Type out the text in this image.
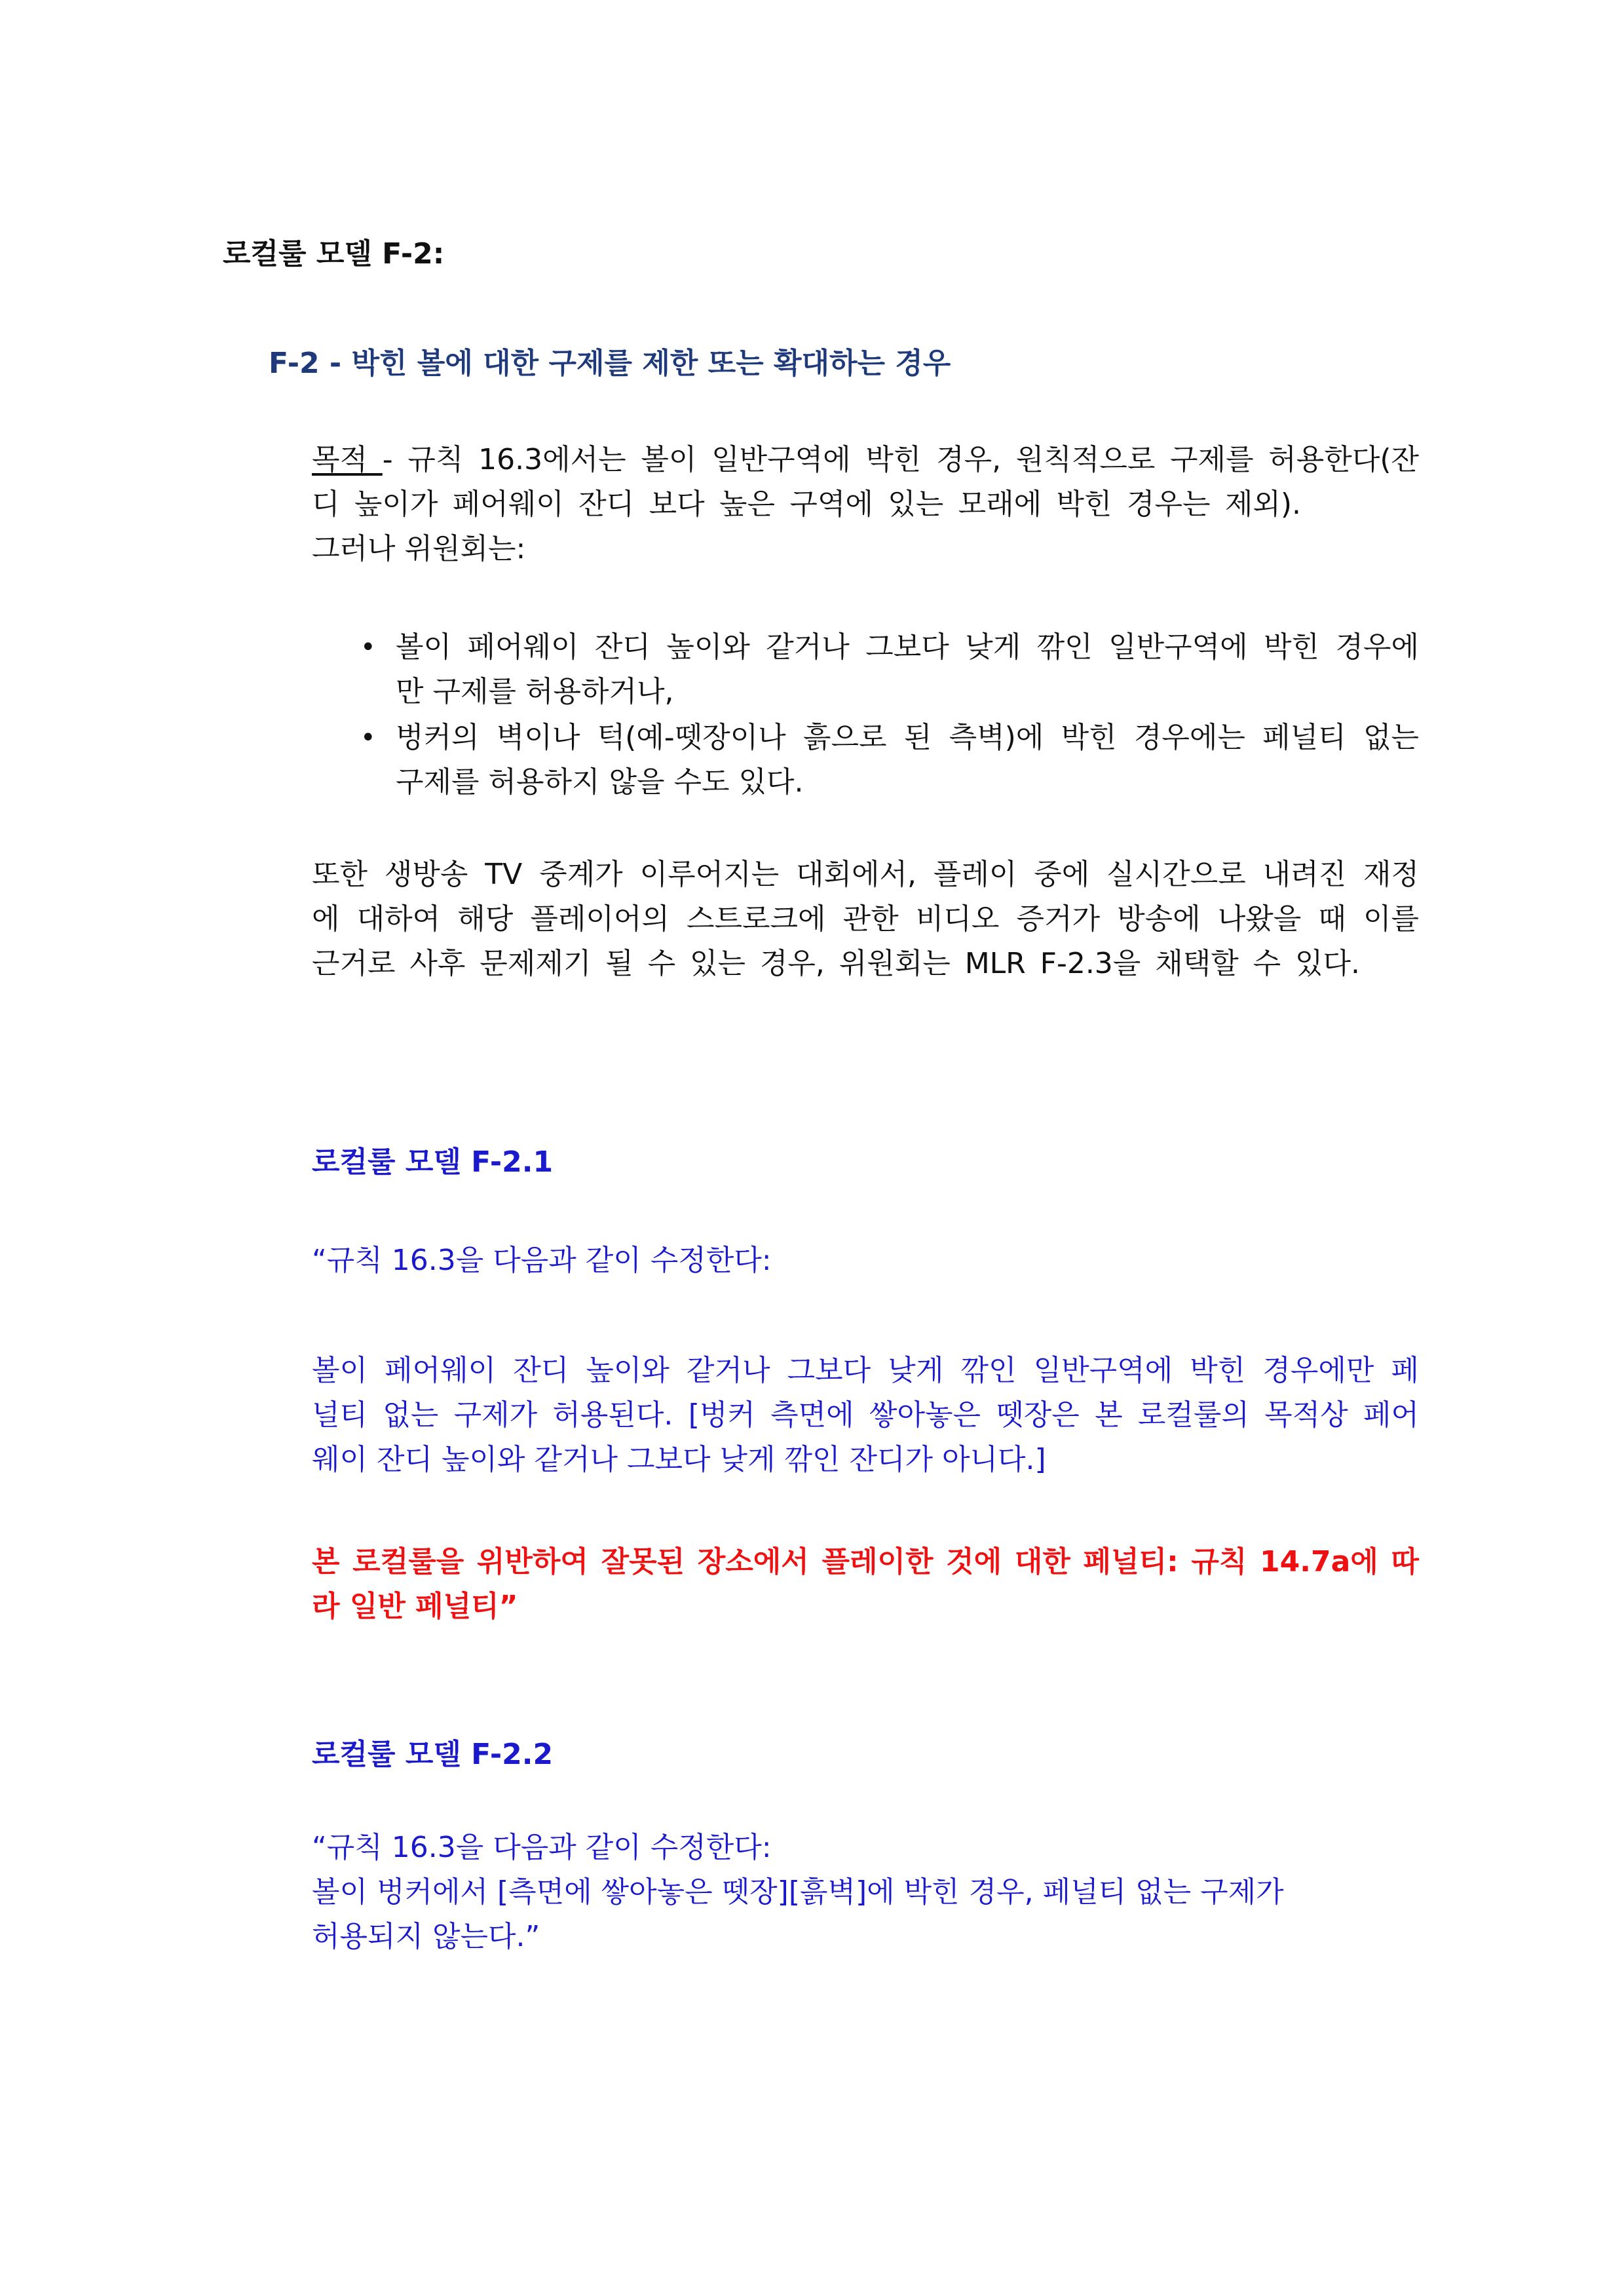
로컬룰 모델 F-2:
F-2 - 박힌 볼에 대한 구제를 제한 또는 확대하는 경우
목적 - 규칙 16.3에서는 볼이 일반구역에 박힌 경우, 원칙적으로 구제를 허용한다(잔
디 높이가 페어웨이 잔디 보다 높은 구역에 있는 모래에 박힌 경우는 제외).
그러나 위원회는:
• 볼이 페어웨이 잔디 높이와 같거나 그보다 낮게 깎인 일반구역에 박힌 경우에
만 구제를 허용하거나,
• 벙커의 벽이나 턱(예-뗏장이나 흙으로 된 측벽)에 박힌 경우에는 페널티 없는
구제를 허용하지 않을 수도 있다.
또한 생방송 TV 중계가 이루어지는 대회에서, 플레이 중에 실시간으로 내려진 재정
에 대하여 해당 플레이어의 스트로크에 관한 비디오 증거가 방송에 나왔을 때 이를
근거로 사후 문제제기 될 수 있는 경우, 위원회는 MLR F-2.3을 채택할 수 있다.
로컬룰 모델 F-2.1
“규칙 16.3을 다음과 같이 수정한다:
볼이 페어웨이 잔디 높이와 같거나 그보다 낮게 깎인 일반구역에 박힌 경우에만 페
널티 없는 구제가 허용된다. [벙커 측면에 쌓아놓은 뗏장은 본 로컬룰의 목적상 페어
웨이 잔디 높이와 같거나 그보다 낮게 깎인 잔디가 아니다.]
본 로컬룰을 위반하여 잘못된 장소에서 플레이한 것에 대한 페널티: 규칙 14.7a에 따
라 일반 페널티”
로컬룰 모델 F-2.2
“규칙 16.3을 다음과 같이 수정한다:
볼이 벙커에서 [측면에 쌓아놓은 뗏장][흙벽]에 박힌 경우, 페널티 없는 구제가
허용되지 않는다.”
